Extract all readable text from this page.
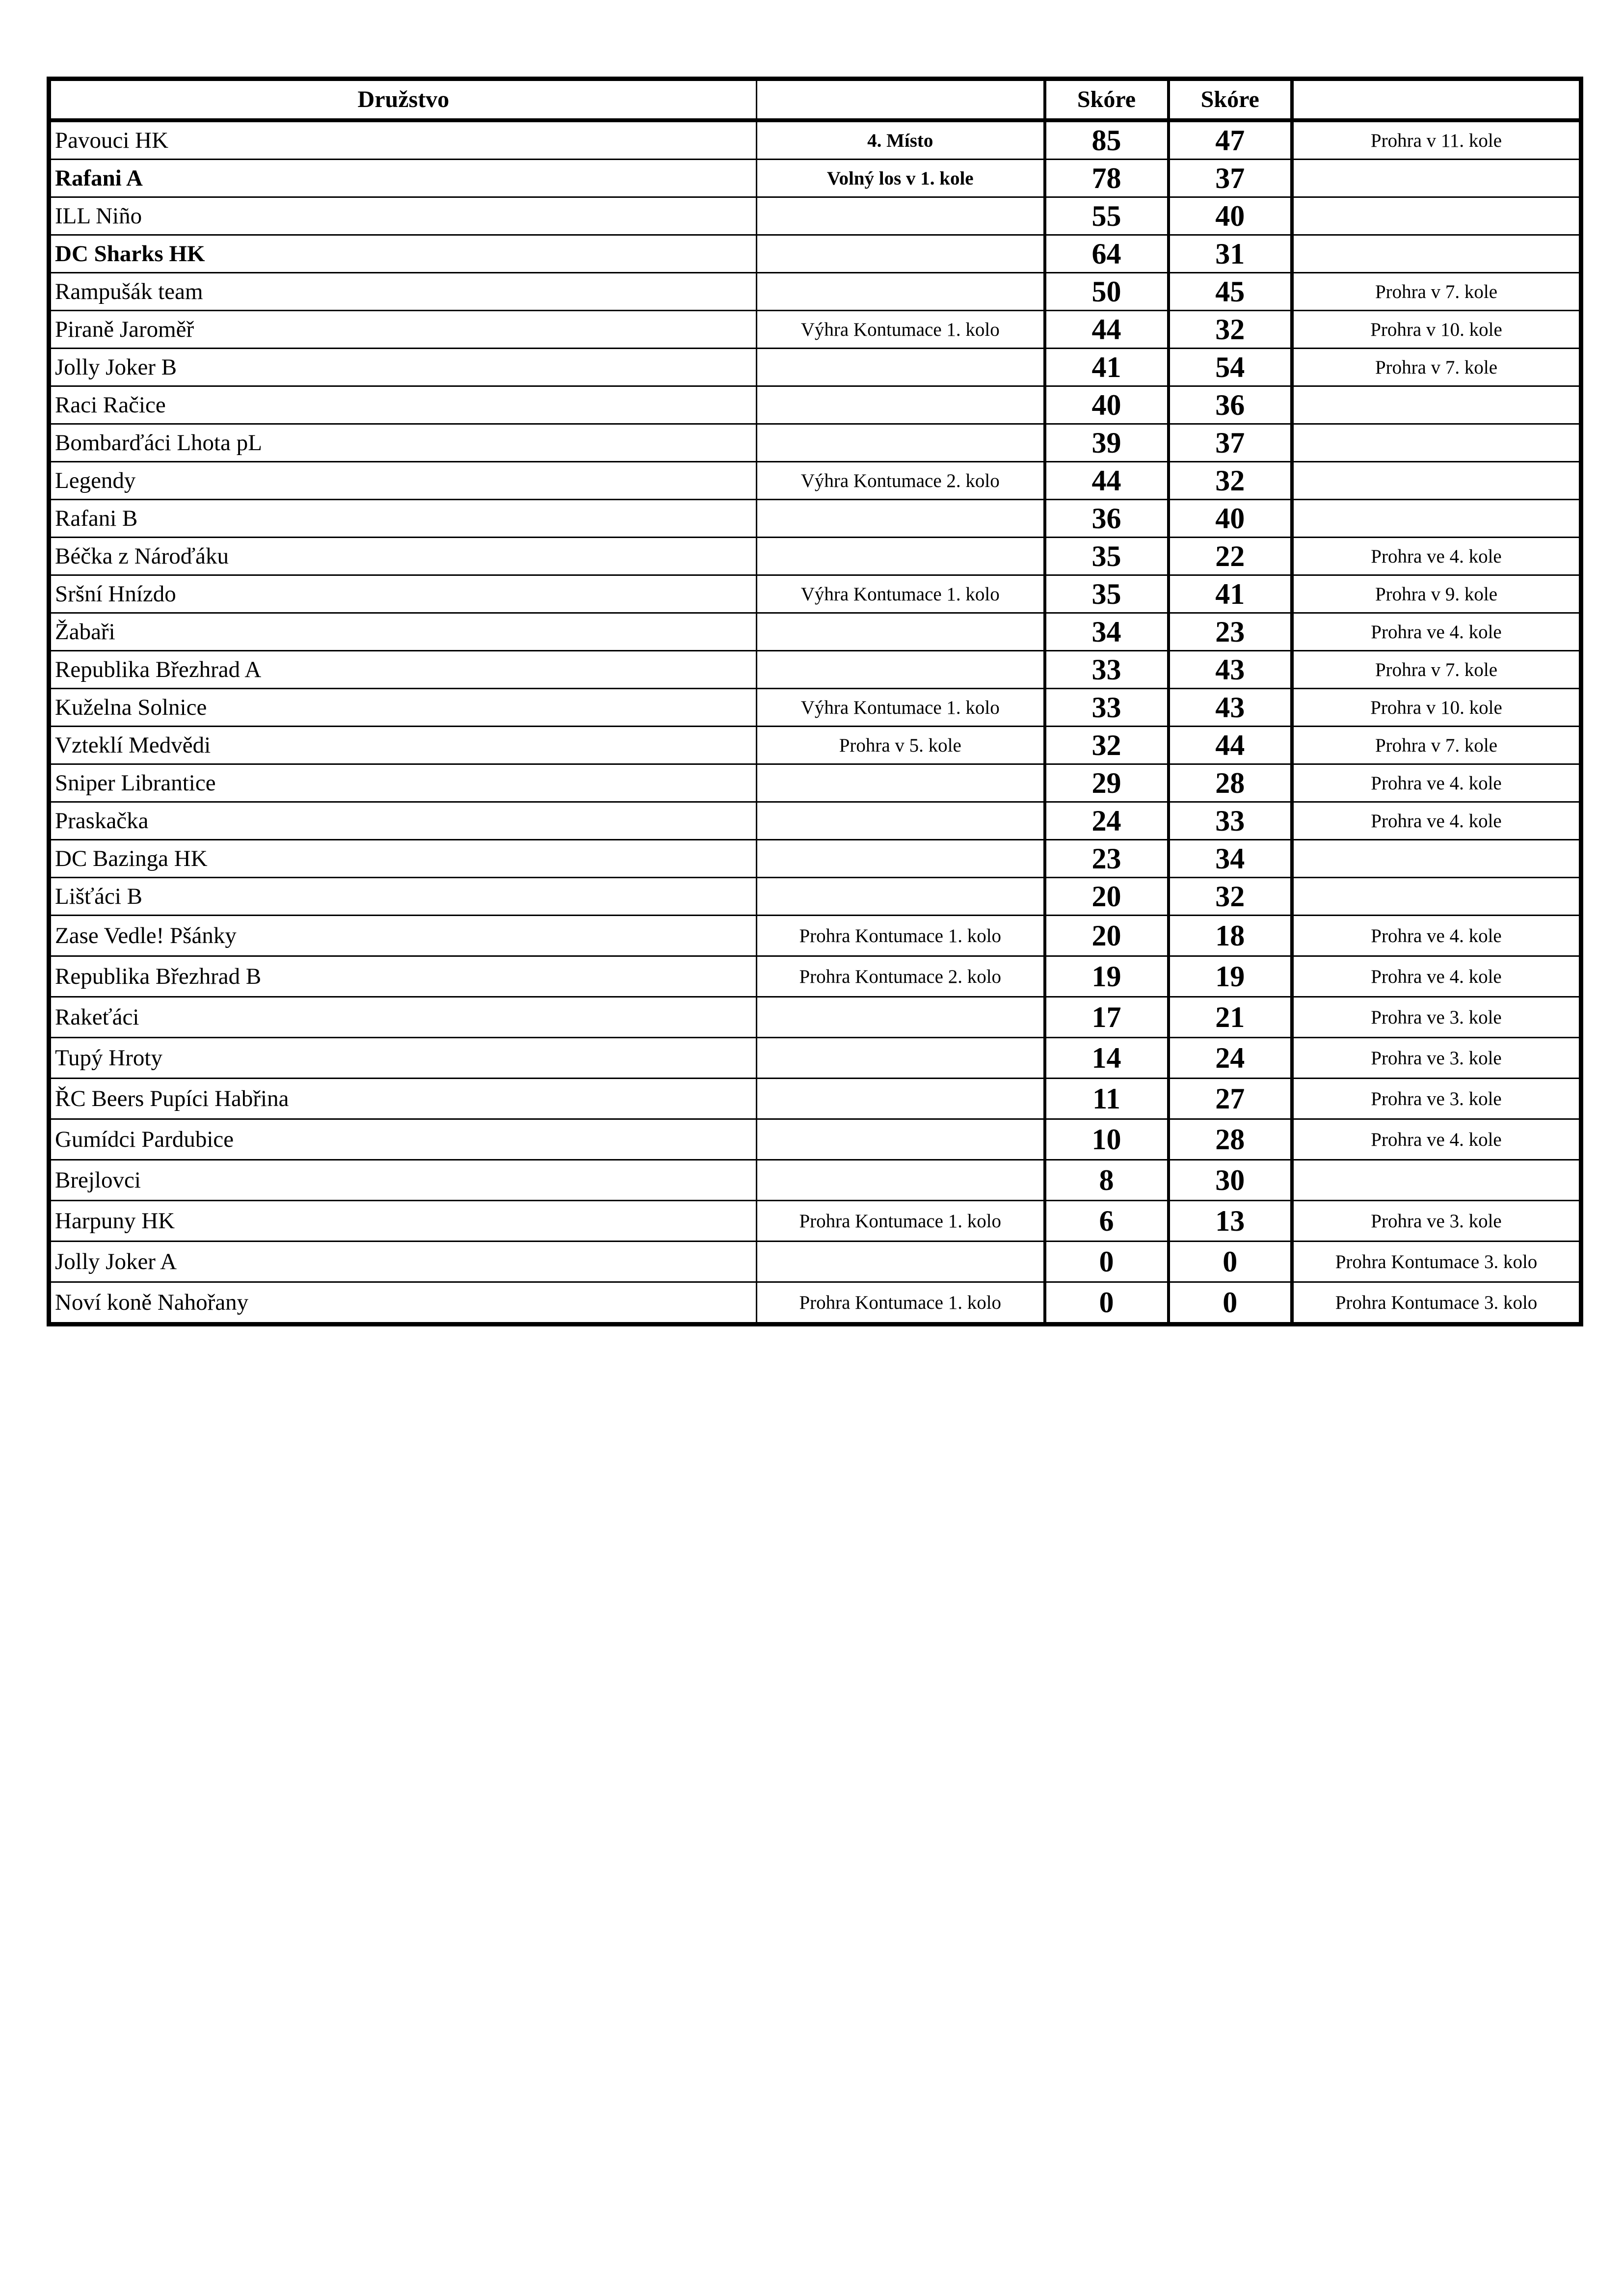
Družstvo		Skóre	Skóre	
Pavouci HK	4. Místo	85	47	Prohra v 11. kole
Rafani A	Volný los v 1. kole	78	37	
ILL Niño		55	40	
DC Sharks HK		64	31	
Rampušák team		50	45	Prohra v 7. kole
Piraně Jaroměř	Výhra Kontumace 1. kolo	44	32	Prohra v 10. kole
Jolly Joker B		41	54	Prohra v 7. kole
Raci Račice		40	36	
Bombarďáci Lhota pL		39	37	
Legendy	Výhra Kontumace 2. kolo	44	32	
Rafani B		36	40	
Béčka z Nároďáku		35	22	Prohra ve 4. kole
Sršní Hnízdo	Výhra Kontumace 1. kolo	35	41	Prohra v 9. kole
Žabaři		34	23	Prohra ve 4. kole
Republika Březhrad A		33	43	Prohra v 7. kole
Kuželna Solnice	Výhra Kontumace 1. kolo	33	43	Prohra v 10. kole
Vzteklí Medvědi	Prohra v 5. kole	32	44	Prohra v 7. kole
Sniper Librantice		29	28	Prohra ve 4. kole
Praskačka		24	33	Prohra ve 4. kole
DC Bazinga HK		23	34	
Lišťáci B		20	32	
Zase Vedle! Pšánky	Prohra Kontumace 1. kolo	20	18	Prohra ve 4. kole
Republika Březhrad B	Prohra Kontumace 2. kolo	19	19	Prohra ve 4. kole
Rakeťáci		17	21	Prohra ve 3. kole
Tupý Hroty		14	24	Prohra ve 3. kole
ŘC Beers Pupíci Habřina		11	27	Prohra ve 3. kole
Gumídci Pardubice		10	28	Prohra ve 4. kole
Brejlovci		8	30	
Harpuny HK	Prohra Kontumace 1. kolo	6	13	Prohra ve 3. kole
Jolly Joker A		0	0	Prohra Kontumace 3. kolo
Noví koně Nahořany	Prohra Kontumace 1. kolo	0	0	Prohra Kontumace 3. kolo
